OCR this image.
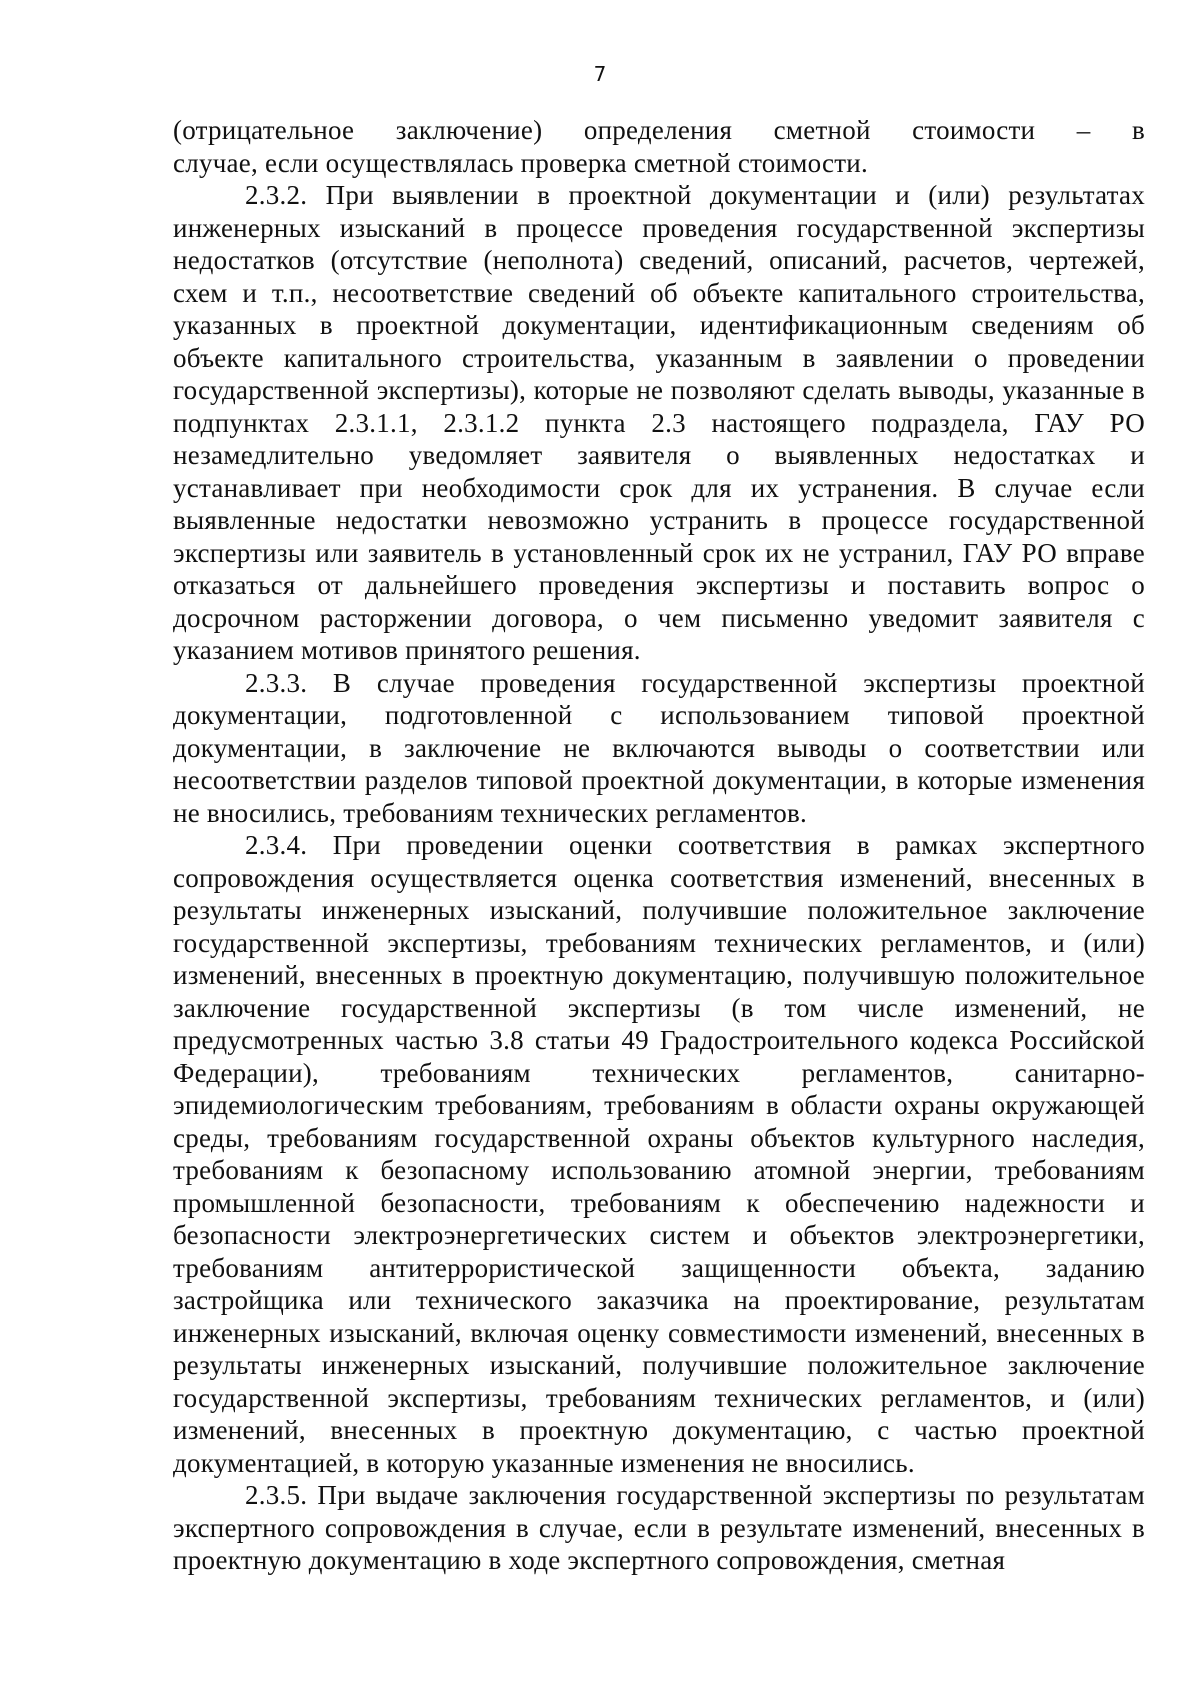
7

(отрицательное заключение) определения сметной стоимости – в
случае, если осуществлялась проверка сметной стоимости.

2.3.2. При выявлении в проектной документации и (или) результатах инженерных изысканий в процессе проведения государственной экспертизы недостатков (отсутствие (неполнота) сведений, описаний, расчетов, чертежей, схем и т.п., несоответствие сведений об объекте капитального строительства, указанных в проектной документации, идентификационным сведениям об объекте капитального строительства, указанным в заявлении о проведении государственной экспертизы), которые не позволяют сделать выводы, указанные в подпунктах 2.3.1.1, 2.3.1.2 пункта 2.3 настоящего подраздела, ГАУ РО незамедлительно уведомляет заявителя о выявленных недостатках и устанавливает при необходимости срок для их устранения. В случае если выявленные недостатки невозможно устранить в процессе государственной экспертизы или заявитель в установленный срок их не устранил, ГАУ РО вправе отказаться от дальнейшего проведения экспертизы и поставить вопрос о досрочном расторжении договора, о чем письменно уведомит заявителя с указанием мотивов принятого решения.

2.3.3. В случае проведения государственной экспертизы проектной документации, подготовленной с использованием типовой проектной документации, в заключение не включаются выводы о соответствии или несоответствии разделов типовой проектной документации, в которые изменения не вносились, требованиям технических регламентов.

2.3.4. При проведении оценки соответствия в рамках экспертного сопровождения осуществляется оценка соответствия изменений, внесенных в результаты инженерных изысканий, получившие положительное заключение государственной экспертизы, требованиям технических регламентов, и (или) изменений, внесенных в проектную документацию, получившую положительное заключение государственной экспертизы (в том числе изменений, не предусмотренных частью 3.8 статьи 49 Градостроительного кодекса Российской Федерации), требованиям технических регламентов, санитарно-эпидемиологическим требованиям, требованиям в области охраны окружающей среды, требованиям государственной охраны объектов культурного наследия, требованиям к безопасному использованию атомной энергии, требованиям промышленной безопасности, требованиям к обеспечению надежности и безопасности электроэнергетических систем и объектов электроэнергетики, требованиям антитеррористической защищенности объекта, заданию застройщика или технического заказчика на проектирование, результатам инженерных изысканий, включая оценку совместимости изменений, внесенных в результаты инженерных изысканий, получившие положительное заключение государственной экспертизы, требованиям технических регламентов, и (или) изменений, внесенных в проектную документацию, с частью проектной документацией, в которую указанные изменения не вносились.

2.3.5. При выдаче заключения государственной экспертизы по результатам экспертного сопровождения в случае, если в результате изменений, внесенных в проектную документацию в ходе экспертного сопровождения, сметная
